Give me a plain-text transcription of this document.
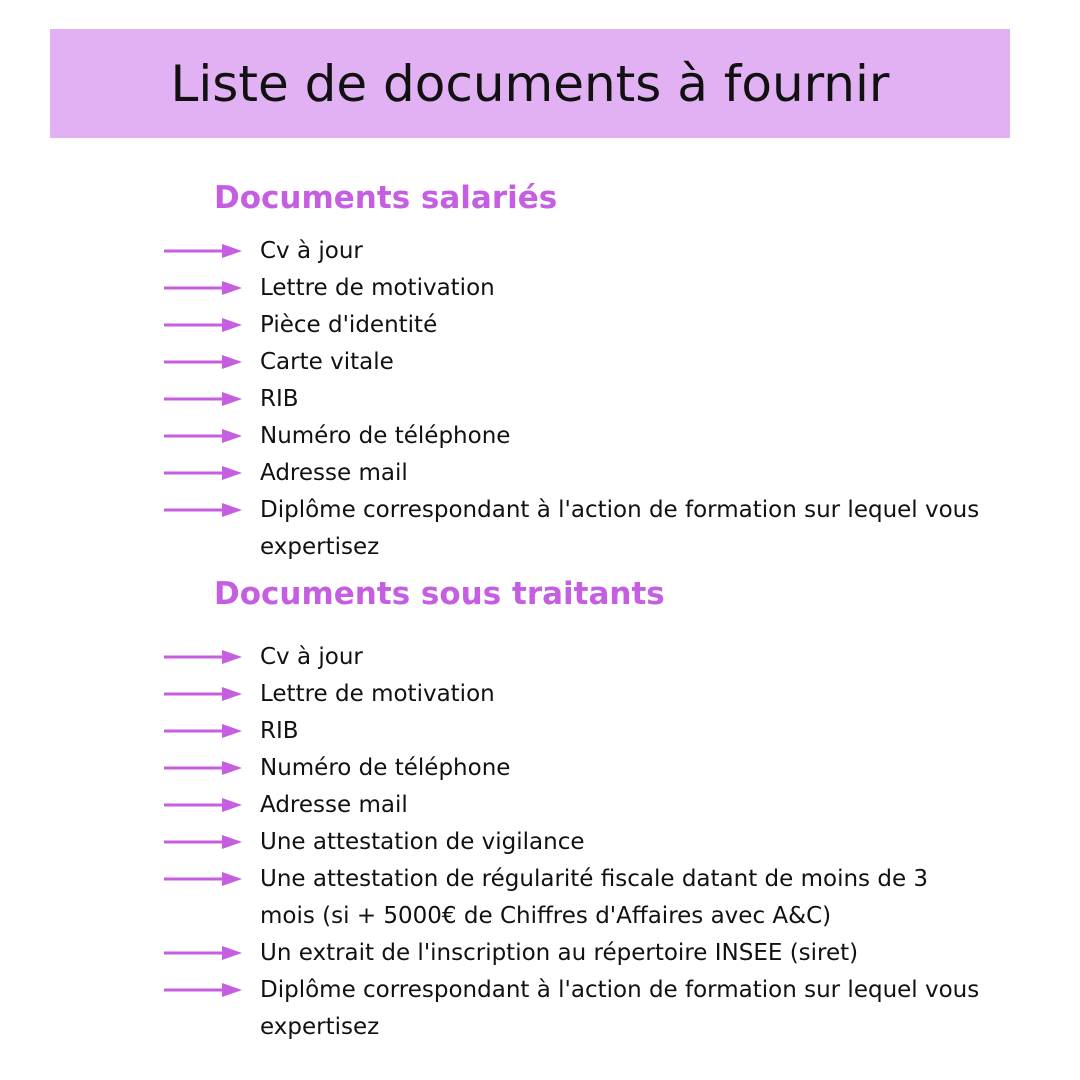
Liste de documents à fournir
Documents salariés
Cv à jour
Lettre de motivation
Pièce d'identité
Carte vitale
RIB
Numéro de téléphone
Adresse mail
Diplôme correspondant à l'action de formation sur lequel vous expertisez
Documents sous traitants
Cv à jour
Lettre de motivation
RIB
Numéro de téléphone
Adresse mail
Une attestation de vigilance
Une attestation de régularité fiscale datant de moins de 3 mois (si + 5000€ de Chiffres d'Affaires avec A&C)
Un extrait de l'inscription au répertoire INSEE (siret)
Diplôme correspondant à l'action de formation sur lequel vous expertisez
